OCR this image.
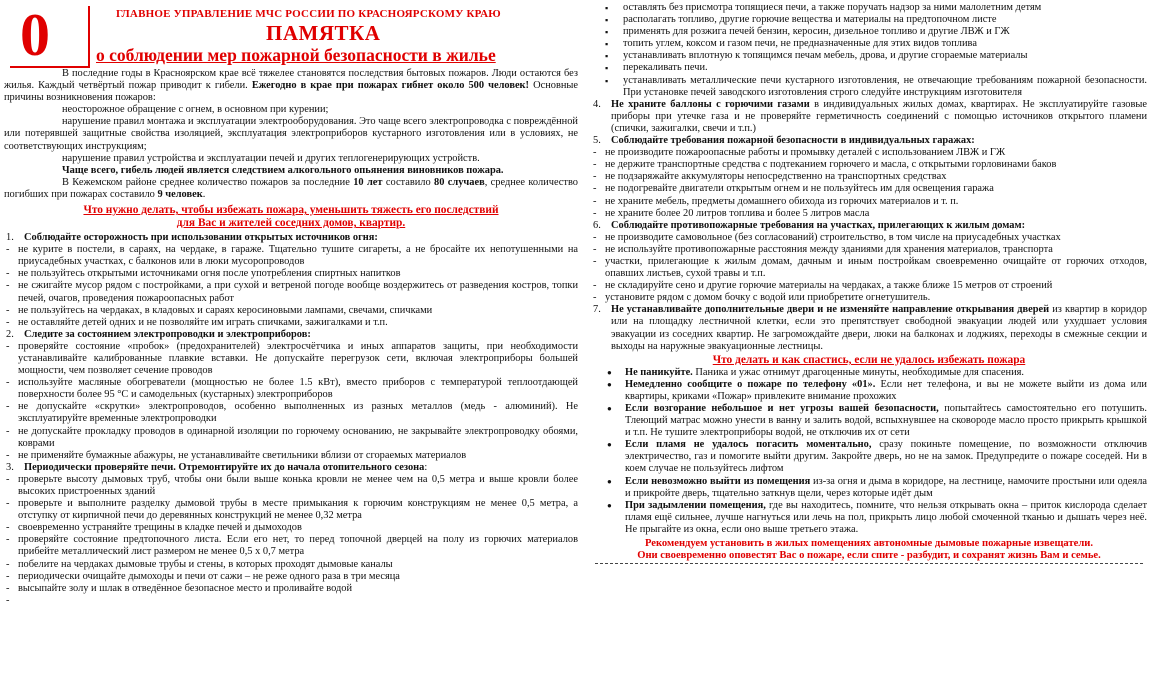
0	ГЛАВНОЕ УПРАВЛЕНИЕ МЧС РОССИИ ПО КРАСНОЯРСКОМУ КРАЮ
ПАМЯТКА
о соблюдении мер пожарной безопасности в жилье

В последние годы в Красноярском крае всё тяжелее становятся последствия бытовых пожаров. Люди остаются без жилья. Каждый четвёртый пожар приводит к гибели. Ежегодно в крае при пожарах гибнет около 500 человек! Основные причины возникновения пожаров:

неосторожное обращение с огнем, в основном при курении;

нарушение правил монтажа и эксплуатации электрооборудования. Это чаще всего электропроводка с повреждённой или потерявшей защитные свойства изоляцией, эксплуатация электроприборов кустарного изготовления или в условиях, не соответствующих инструкциям;

нарушение правил устройства и эксплуатации печей и других теплогенерирующих устройств.

Чаще всего, гибель людей является следствием алкогольного опьянения виновников пожара.

В Кежемском районе среднее количество пожаров за последние 10 лет составило 80 случаев, среднее количество погибших при пожарах составило 9 человек.

Что нужно делать, чтобы избежать пожара, уменьшить тяжесть его последствий
для Вас и жителей соседних домов, квартир.

1. Соблюдайте осторожность при использовании открытых источников огня:
- не курите в постели, в сараях, на чердаке, в гараже. Тщательно тушите сигареты, а не бросайте их непотушенными на приусадебных участках, с балконов или в люки мусоропроводов
- не пользуйтесь открытыми источниками огня после употребления спиртных напитков
- не сжигайте мусор рядом с постройками, а при сухой и ветреной погоде вообще воздержитесь от разведения костров, топки печей, очагов, проведения пожароопасных работ
- не пользуйтесь на чердаках, в кладовых и сараях керосиновыми лампами, свечами, спичками
- не оставляйте детей одних и не позволяйте им играть спичками, зажигалками и т.п.
2. Следите за состоянием электропроводки и электроприборов:
- проверяйте состояние «пробок» (предохранителей) электросчётчика и иных аппаратов защиты, при необходимости устанавливайте калиброванные плавкие вставки. Не допускайте перегрузок сети, включая электроприборы большей мощности, чем позволяет сечение проводов
- используйте масляные обогреватели (мощностью не более 1.5 кВт), вместо приборов с температурой теплоотдающей поверхности более 95 °С и самодельных (кустарных) электроприборов
- не допускайте «скрутки» электропроводов, особенно выполненных из разных металлов (медь - алюминий). Не эксплуатируйте временные электропроводки
- не допускайте прокладку проводов в одинарной изоляции по горючему основанию, не закрывайте электропроводку обоями, коврами
- не применяйте бумажные абажуры, не устанавливайте светильники вблизи от сгораемых материалов
3. Периодически проверяйте печи. Отремонтируйте их до начала отопительного сезона:
- проверьте высоту дымовых труб, чтобы они были выше конька кровли не менее чем на 0,5 метра и выше кровли более высоких пристроенных зданий
- проверьте и выполните разделку дымовой трубы в месте примыкания к горючим конструкциям не менее 0,5 метра, а отступку от кирпичной печи до деревянных конструкций не менее 0,32 метра
- своевременно устраняйте трещины в кладке печей и дымоходов
- проверяйте состояние предтопочного листа. Если его нет, то перед топочной дверцей на полу из горючих материалов прибейте металлический лист размером не менее 0,5 х 0,7 метра
- побелите на чердаках дымовые трубы и стены, в которых проходят дымовые каналы
- периодически очищайте дымоходы и печи от сажи – не реже одного раза в три месяца
- высыпайте золу и шлак в отведённое безопасное место и проливайте водой
▪ оставлять без присмотра топящиеся печи, а также поручать надзор за ними малолетним детям
▪ располагать топливо, другие горючие вещества и материалы на предтопочном листе
▪ применять для розжига печей бензин, керосин, дизельное топливо и другие ЛВЖ и ГЖ
▪ топить углем, коксом и газом печи, не предназначенные для этих видов топлива
▪ устанавливать вплотную к топящимся печам мебель, дрова, и другие сгораемые материалы
▪ перекаливать печи.
▪ устанавливать металлические печи кустарного изготовления, не отвечающие требованиям пожарной безопасности. При установке печей заводского изготовления строго следуйте инструкциям изготовителя
4. Не храните баллоны с горючими газами в индивидуальных жилых домах, квартирах. Не эксплуатируйте газовые приборы при утечке газа и не проверяйте герметичность соединений с помощью источников открытого пламени (спички, зажигалки, свечи и т.п.)
5. Соблюдайте требования пожарной безопасности в индивидуальных гаражах:
- не производите пожароопасные работы и промывку деталей с использованием ЛВЖ и ГЖ
- не держите транспортные средства с подтеканием горючего и масла, с открытыми горловинами баков
- не подзаряжайте аккумуляторы непосредственно на транспортных средствах
- не подогревайте двигатели открытым огнем и не пользуйтесь им для освещения гаража
- не храните мебель, предметы домашнего обихода из горючих материалов и т. п.
- не храните более 20 литров топлива и более 5 литров масла
6. Соблюдайте противопожарные требования на участках, прилегающих к жилым домам:
- не производите самовольное (без согласований) строительство, в том числе на приусадебных участках
- не используйте противопожарные расстояния между зданиями для хранения материалов, транспорта
- участки, прилегающие к жилым домам, дачным и иным постройкам своевременно очищайте от горючих отходов, опавших листьев, сухой травы и т.п.
- не складируйте сено и другие горючие материалы на чердаках, а также ближе 15 метров от строений
- установите рядом с домом бочку с водой или приобретите огнетушитель.
7. Не устанавливайте дополнительные двери и не изменяйте направление открывания дверей из квартир в коридор или на площадку лестничной клетки, если это препятствует свободной эвакуации людей или ухудшает условия эвакуации из соседних квартир. Не загромождайте двери, люки на балконах и лоджиях, переходы в смежные секции и выходы на наружные эвакуационные лестницы.

Что делать и как спастись, если не удалось избежать пожара

● Не паникуйте. Паника и ужас отнимут драгоценные минуты, необходимые для спасения.
● Немедленно сообщите о пожаре по телефону «01». Если нет телефона, и вы не можете выйти из дома или квартиры, криками «Пожар» привлеките внимание прохожих
● Если возгорание небольшое и нет угрозы вашей безопасности, попытайтесь самостоятельно его потушить. Тлеющий матрас можно унести в ванну и залить водой, вспыхнувшее на сковороде масло просто прикрыть крышкой и т.п. Не тушите электроприборы водой, не отключив их от сети
● Если пламя не удалось погасить моментально, сразу покиньте помещение, по возможности отключив электричество, газ и помогите выйти другим. Закройте дверь, но не на замок. Предупредите о пожаре соседей. Ни в коем случае не пользуйтесь лифтом
● Если невозможно выйти из помещения из-за огня и дыма в коридоре, на лестнице, намочите простыни или одеяла и прикройте дверь, тщательно заткнув щели, через которые идёт дым
● При задымлении помещения, где вы находитесь, помните, что нельзя открывать окна – приток кислорода сделает пламя ещё сильнее, лучше нагнуться или лечь на пол, прикрыть лицо любой смоченной тканью и дышать через неё. Не прыгайте из окна, если оно выше третьего этажа.

Рекомендуем установить в жилых помещениях автономные дымовые пожарные извещатели.

Они своевременно оповестят Вас о пожаре, если спите - разбудит, и сохранят жизнь Вам и семье.
